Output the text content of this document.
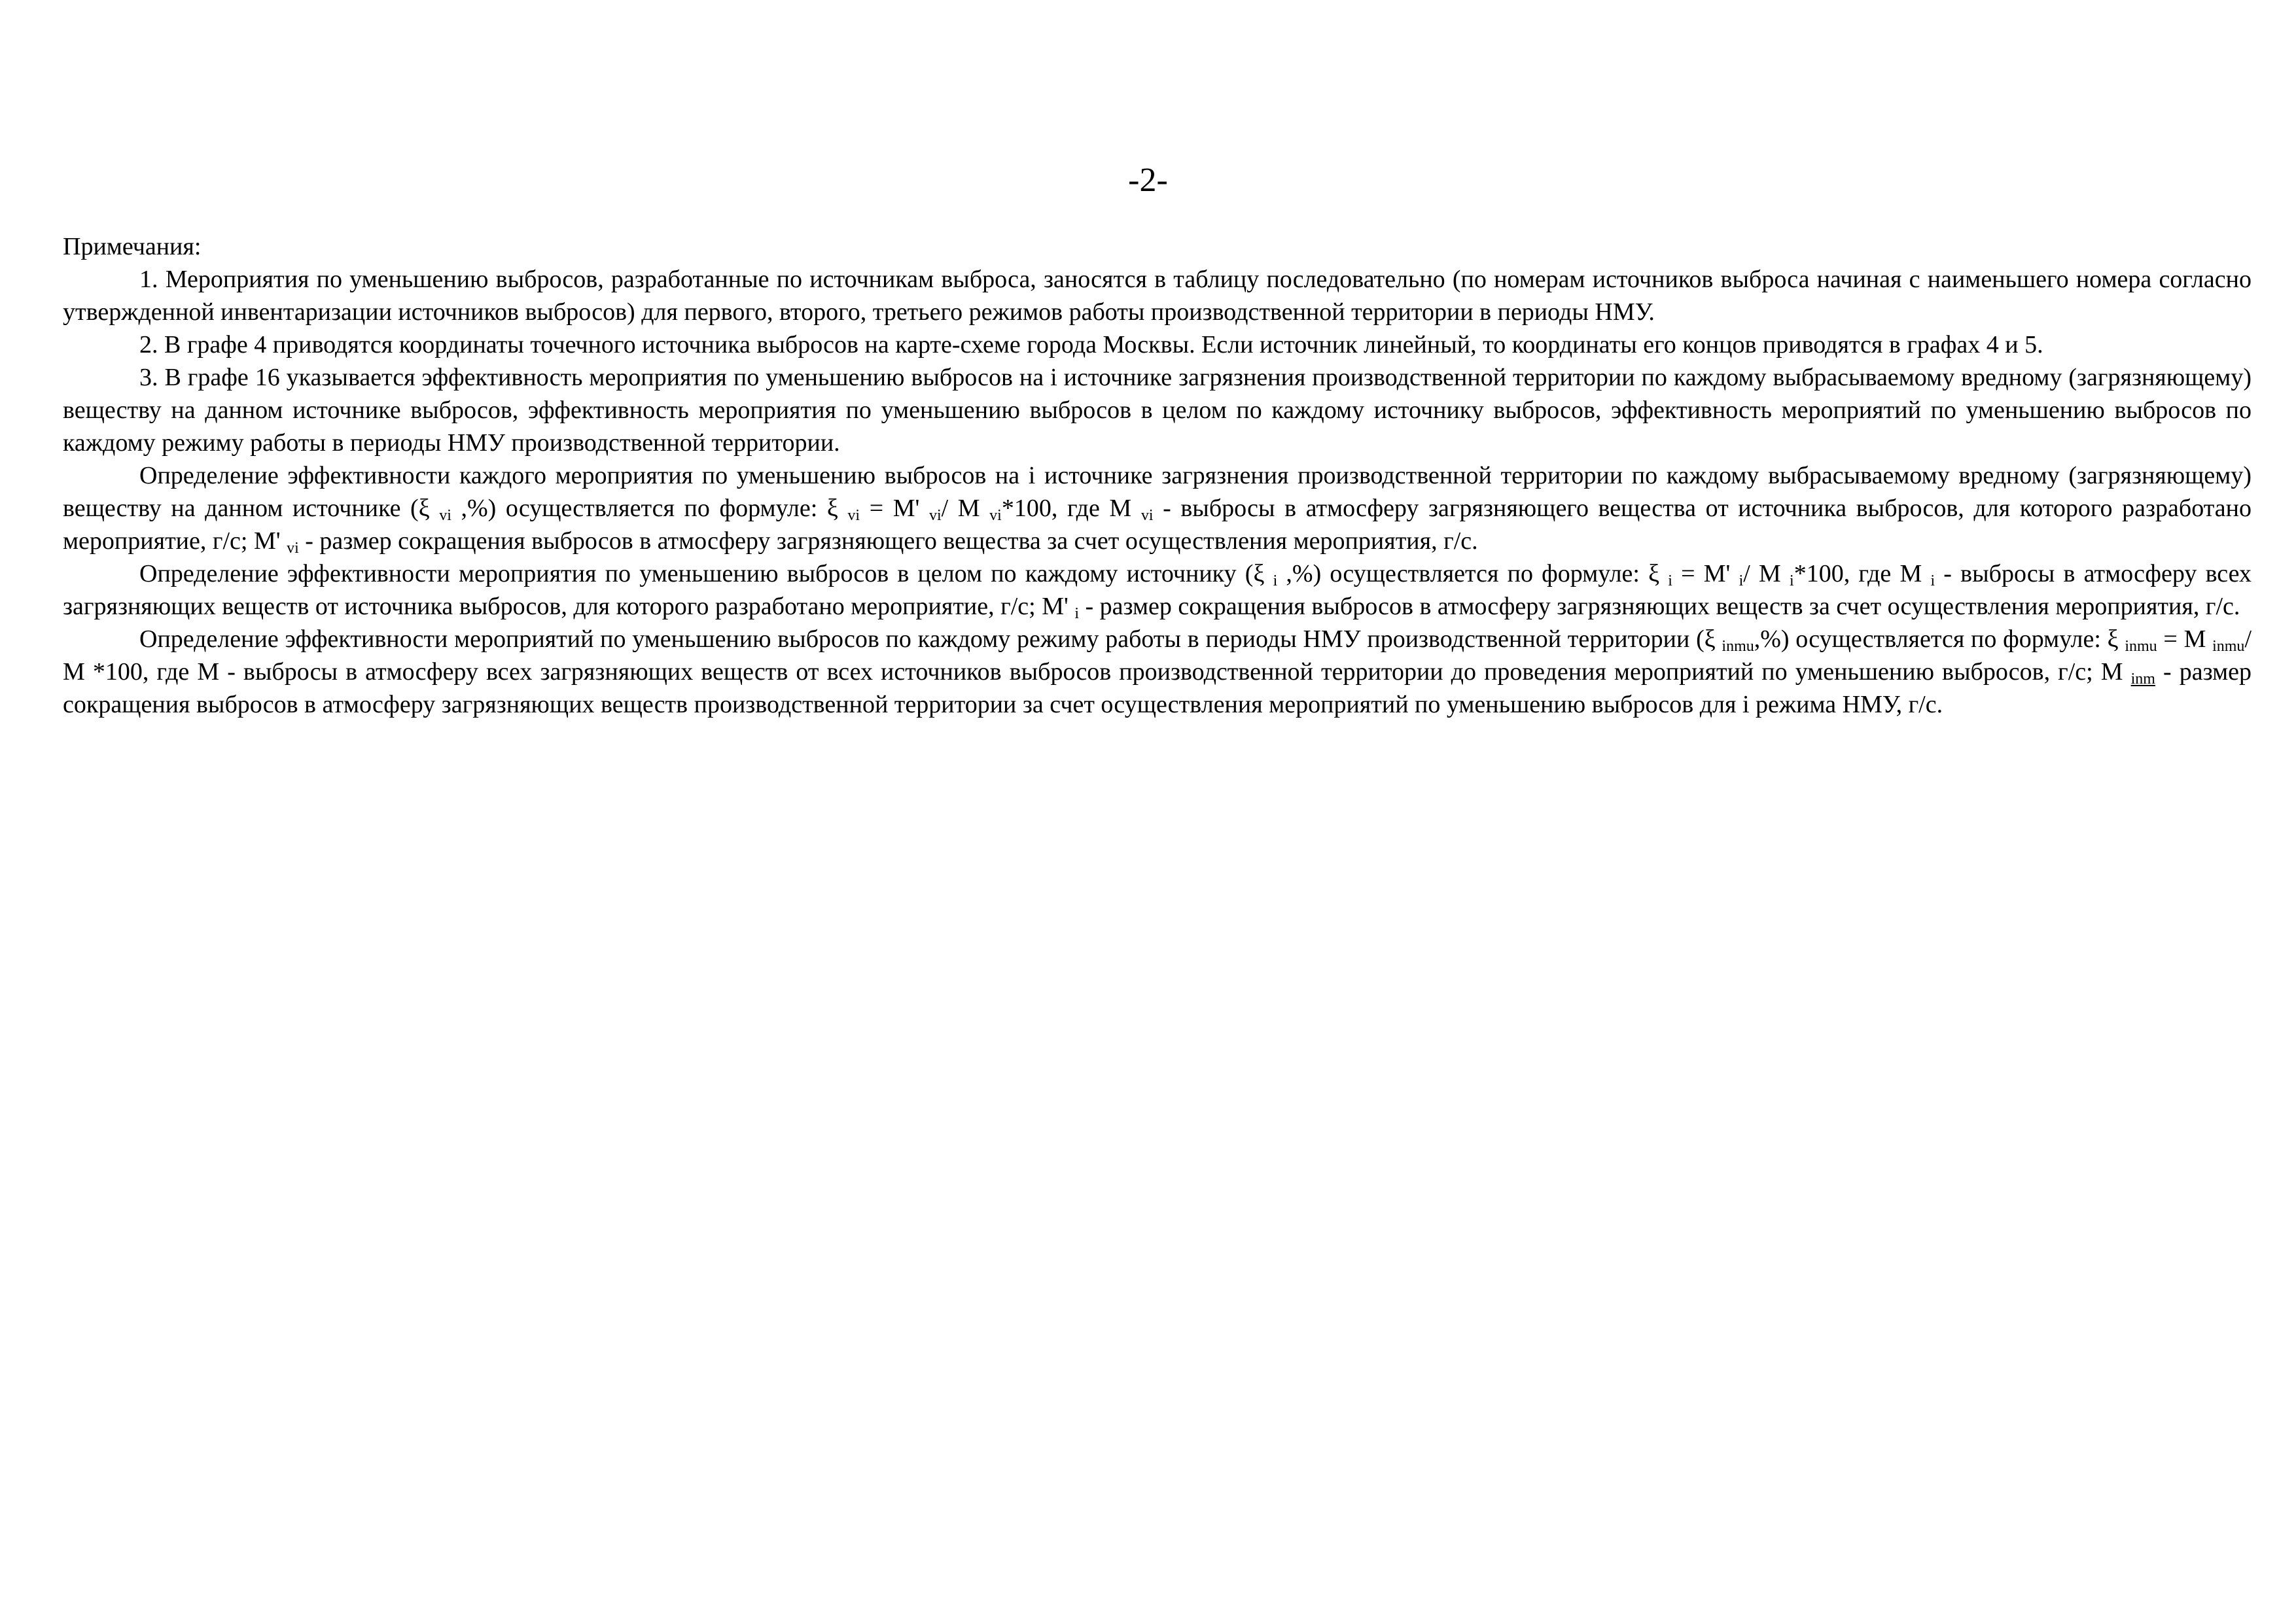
-2-

Примечания:

1. Мероприятия по уменьшению выбросов, разработанные по источникам выброса, заносятся в таблицу последовательно (по номерам источников выброса начиная с наименьшего номера согласно утвержденной инвентаризации источников выбросов) для первого, второго, третьего режимов работы производственной территории в периоды НМУ.

2. В графе 4 приводятся координаты точечного источника выбросов на карте-схеме города Москвы. Если источник линейный, то координаты его концов приводятся в графах 4 и 5.

3. В графе 16 указывается эффективность мероприятия по уменьшению выбросов на i источнике загрязнения производственной территории по каждому выбрасываемому вредному (загрязняющему) веществу на данном источнике выбросов, эффективность мероприятия по уменьшению выбросов в целом по каждому источнику выбросов, эффективность мероприятий по уменьшению выбросов по каждому режиму работы в периоды НМУ производственной территории.

Определение эффективности каждого мероприятия по уменьшению выбросов на i источнике загрязнения производственной территории по каждому выбрасываемому вредному (загрязняющему) веществу на данном источнике (ξ $_{vi}$ ,%) осуществляется по формуле: ξ $_{vi}$ = M' $_{vi}$/ M $_{vi}$*100, где M $_{vi}$ - выбросы в атмосферу загрязняющего вещества от источника выбросов, для которого разработано мероприятие, г/с; M' $_{vi}$ - размер сокращения выбросов в атмосферу загрязняющего вещества за счет осуществления мероприятия, г/с.

Определение эффективности мероприятия по уменьшению выбросов в целом по каждому источнику (ξ $_i$ ,%) осуществляется по формуле: ξ $_i$ = M' $_i$/ M $_i$*100, где M $_i$ - выбросы в атмосферу всех загрязняющих веществ от источника выбросов, для которого разработано мероприятие, г/с; M' $_i$ - размер сокращения выбросов в атмосферу загрязняющих веществ за счет осуществления мероприятия, г/с.

Определение эффективности мероприятий по уменьшению выбросов по каждому режиму работы в периоды НМУ производственной территории (ξ $_{inmu}$,%) осуществляется по формуле: ξ $_{inmu}$ = M $_{inmu}$/ M *100, где M - выбросы в атмосферу всех загрязняющих веществ от всех источников выбросов производственной территории до проведения мероприятий по уменьшению выбросов, г/с; M $_{inm}$ - размер сокращения выбросов в атмосферу загрязняющих веществ производственной территории за счет осуществления мероприятий по уменьшению выбросов для i режима НМУ, г/с.
